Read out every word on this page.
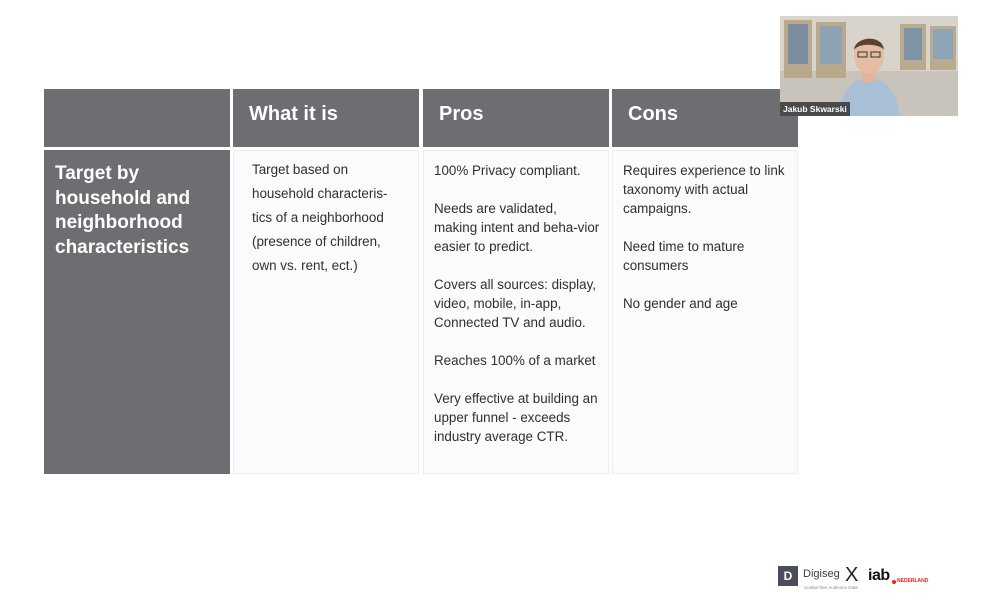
What it is	Pros	Cons
Target by
household and
neighborhood
characteristics
Target based on
household characteris-
tics of a neighborhood
(presence of children,
own vs. rent, ect.)

100% Privacy compliant.

Needs are validated, making intent and beha-vior easier to predict.

Covers all sources: display, video, mobile, in-app, Connected TV and audio.

Reaches 100% of a market

Very effective at building an upper funnel - exceeds industry average CTR.

Requires experience to link taxonomy with actual campaigns.

Need time to mature consumers

No gender and age

Jakub Skwarski
D Digiseg
Cookie-free Audience Data
X iab NEDERLAND
